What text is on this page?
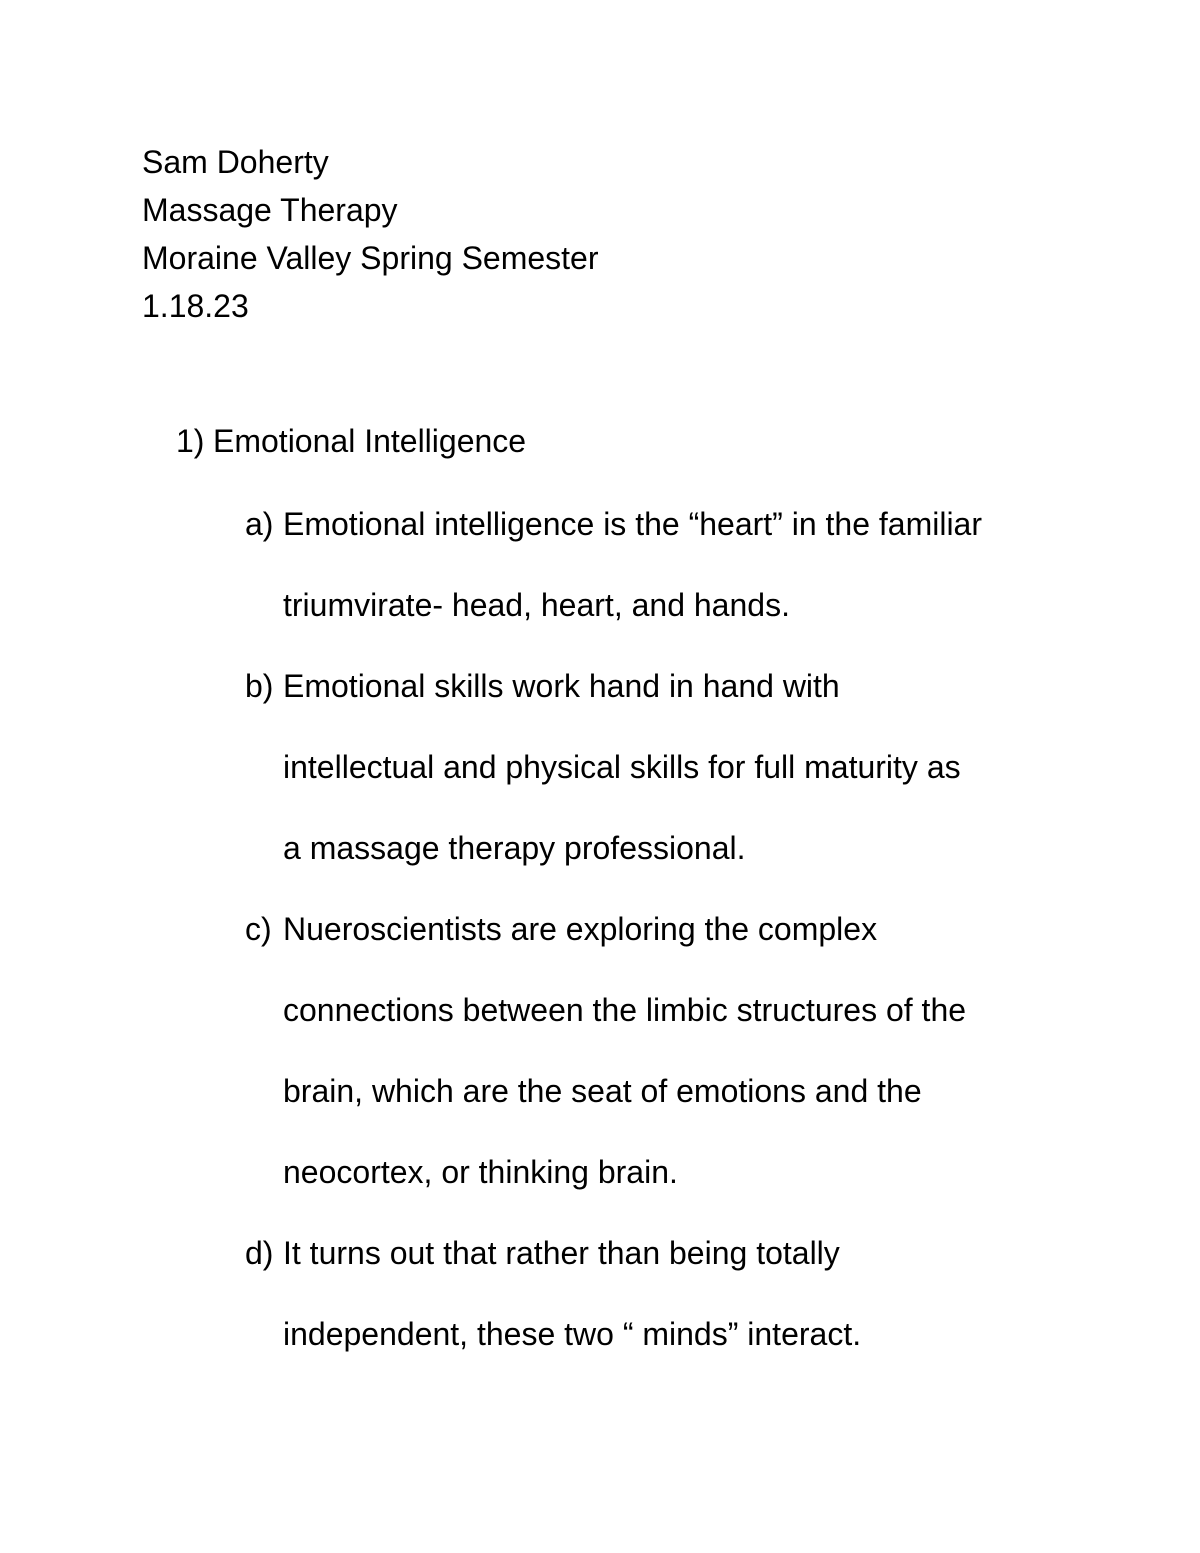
Sam Doherty
Massage Therapy
Moraine Valley Spring Semester
1.18.23
1) Emotional Intelligence
a) Emotional intelligence is the “heart” in the familiar
triumvirate- head, heart, and hands.
b) Emotional skills work hand in hand with
intellectual and physical skills for full maturity as
a massage therapy professional.
c) Nueroscientists are exploring the complex
connections between the limbic structures of the
brain, which are the seat of emotions and the
neocortex, or thinking brain.
d) It turns out that rather than being totally
independent, these two “ minds” interact.
